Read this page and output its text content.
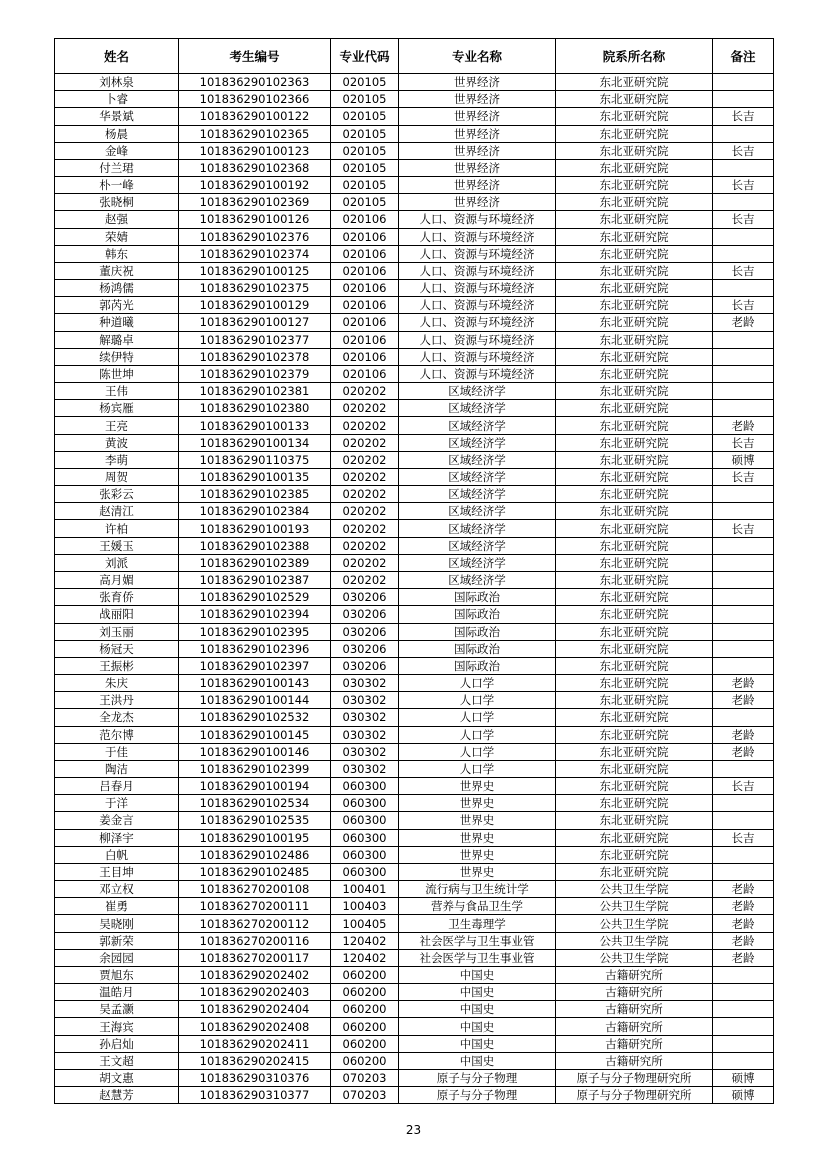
姓名	考生编号	专业代码	专业名称	院系所名称	备注
刘林泉	101836290102363	020105	世界经济	东北亚研究院	
卜睿	101836290102366	020105	世界经济	东北亚研究院	
华景斌	101836290100122	020105	世界经济	东北亚研究院	长吉
杨晨	101836290102365	020105	世界经济	东北亚研究院	
金峰	101836290100123	020105	世界经济	东北亚研究院	长吉
付兰珺	101836290102368	020105	世界经济	东北亚研究院	
朴一峰	101836290100192	020105	世界经济	东北亚研究院	长吉
张晓桐	101836290102369	020105	世界经济	东北亚研究院	
赵强	101836290100126	020106	人口、资源与环境经济	东北亚研究院	长吉
荣婧	101836290102376	020106	人口、资源与环境经济	东北亚研究院	
韩东	101836290102374	020106	人口、资源与环境经济	东北亚研究院	
董庆祝	101836290100125	020106	人口、资源与环境经济	东北亚研究院	长吉
杨鸿儒	101836290102375	020106	人口、资源与环境经济	东北亚研究院	
郭芮光	101836290100129	020106	人口、资源与环境经济	东北亚研究院	长吉
种道曦	101836290100127	020106	人口、资源与环境经济	东北亚研究院	老龄
解璐卓	101836290102377	020106	人口、资源与环境经济	东北亚研究院	
续伊特	101836290102378	020106	人口、资源与环境经济	东北亚研究院	
陈世坤	101836290102379	020106	人口、资源与环境经济	东北亚研究院	
王伟	101836290102381	020202	区域经济学	东北亚研究院	
杨宾雁	101836290102380	020202	区域经济学	东北亚研究院	
王亮	101836290100133	020202	区域经济学	东北亚研究院	老龄
黄波	101836290100134	020202	区域经济学	东北亚研究院	长吉
李萌	101836290110375	020202	区域经济学	东北亚研究院	硕博
周贺	101836290100135	020202	区域经济学	东北亚研究院	长吉
张彩云	101836290102385	020202	区域经济学	东北亚研究院	
赵清江	101836290102384	020202	区域经济学	东北亚研究院	
许柏	101836290100193	020202	区域经济学	东北亚研究院	长吉
王媛玉	101836290102388	020202	区域经济学	东北亚研究院	
刘派	101836290102389	020202	区域经济学	东北亚研究院	
高月媚	101836290102387	020202	区域经济学	东北亚研究院	
张育侨	101836290102529	030206	国际政治	东北亚研究院	
战丽阳	101836290102394	030206	国际政治	东北亚研究院	
刘玉丽	101836290102395	030206	国际政治	东北亚研究院	
杨冠天	101836290102396	030206	国际政治	东北亚研究院	
王振彬	101836290102397	030206	国际政治	东北亚研究院	
朱庆	101836290100143	030302	人口学	东北亚研究院	老龄
王洪丹	101836290100144	030302	人口学	东北亚研究院	老龄
全龙杰	101836290102532	030302	人口学	东北亚研究院	
范尔博	101836290100145	030302	人口学	东北亚研究院	老龄
于佳	101836290100146	030302	人口学	东北亚研究院	老龄
陶洁	101836290102399	030302	人口学	东北亚研究院	
吕春月	101836290100194	060300	世界史	东北亚研究院	长吉
于洋	101836290102534	060300	世界史	东北亚研究院	
姜金言	101836290102535	060300	世界史	东北亚研究院	
柳泽宇	101836290100195	060300	世界史	东北亚研究院	长吉
白帆	101836290102486	060300	世界史	东北亚研究院	
王目坤	101836290102485	060300	世界史	东北亚研究院	
邓立权	101836270200108	100401	流行病与卫生统计学	公共卫生学院	老龄
崔勇	101836270200111	100403	营养与食品卫生学	公共卫生学院	老龄
吴晓刚	101836270200112	100405	卫生毒理学	公共卫生学院	老龄
郭新荣	101836270200116	120402	社会医学与卫生事业管	公共卫生学院	老龄
余园园	101836270200117	120402	社会医学与卫生事业管	公共卫生学院	老龄
贾旭东	101836290202402	060200	中国史	古籍研究所	
温皓月	101836290202403	060200	中国史	古籍研究所	
吴孟灏	101836290202404	060200	中国史	古籍研究所	
王海宾	101836290202408	060200	中国史	古籍研究所	
孙启灿	101836290202411	060200	中国史	古籍研究所	
王文超	101836290202415	060200	中国史	古籍研究所	
胡文惠	101836290310376	070203	原子与分子物理	原子与分子物理研究所	硕博
赵慧芳	101836290310377	070203	原子与分子物理	原子与分子物理研究所	硕博
23
